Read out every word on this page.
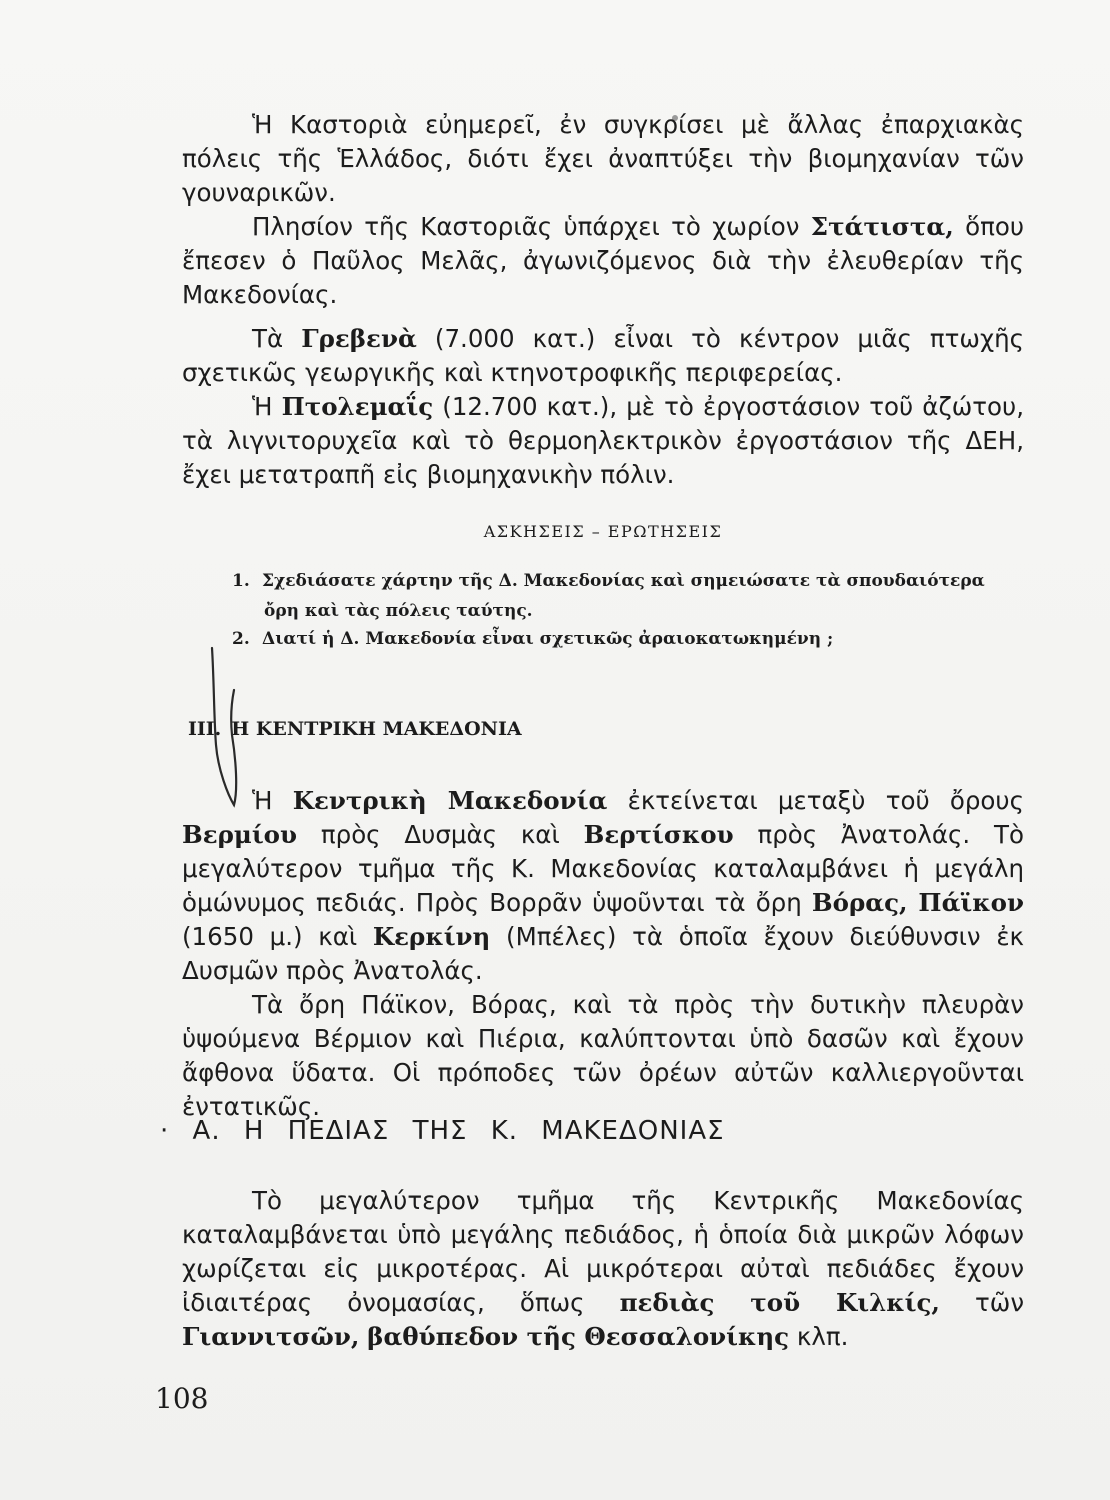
Ἡ Καστοριὰ εὐημερεῖ, ἐν συγκρίσει μὲ ἄλλας ἐπαρχιακὰς πόλεις τῆς Ἑλλάδος, διότι ἔχει ἀναπτύξει τὴν βιομηχανίαν τῶν γουναρικῶν.

Πλησίον τῆς Καστοριᾶς ὑπάρχει τὸ χωρίον Στάτιστα, ὅπου ἔπεσεν ὁ Παῦλος Μελᾶς, ἀγωνιζόμενος διὰ τὴν ἐλευθερίαν τῆς Μακεδονίας.

Τὰ Γρεβενὰ (7.000 κατ.) εἶναι τὸ κέντρον μιᾶς πτωχῆς σχετικῶς γεωργικῆς καὶ κτηνοτροφικῆς περιφερείας.

Ἡ Πτολεμαΐς (12.700 κατ.), μὲ τὸ ἐργοστάσιον τοῦ ἀζώτου, τὰ λιγνιτορυχεῖα καὶ τὸ θερμοηλεκτρικὸν ἐργοστάσιον τῆς ΔΕΗ, ἔχει μετατραπῆ εἰς βιομηχανικὴν πόλιν.

ΑΣΚΗΣΕΙΣ – ΕΡΩΤΗΣΕΙΣ
1. Σχεδιάσατε χάρτην τῆς Δ. Μακεδονίας καὶ σημειώσατε τὰ σπουδαιότερα
ὄρη καὶ τὰς πόλεις ταύτης.
2. Διατί ἡ Δ. Μακεδονία εἶναι σχετικῶς ἀραιοκατωκημένη ;
III. Η ΚΕΝΤΡΙΚΗ ΜΑΚΕΔΟΝΙΑ

Ἡ Κεντρικὴ Μακεδονία ἐκτείνεται μεταξὺ τοῦ ὄρους Βερμίου πρὸς Δυσμὰς καὶ Βερτίσκου πρὸς Ἀνατολάς. Τὸ μεγαλύτερον τμῆμα τῆς Κ. Μακεδονίας καταλαμβάνει ἡ μεγάλη ὁμώνυμος πεδιάς. Πρὸς Βορρᾶν ὑψοῦνται τὰ ὄρη Βόρας, Πάϊκον (1650 μ.) καὶ Κερκίνη (Μπέλες) τὰ ὁποῖα ἔχουν διεύθυνσιν ἐκ Δυσμῶν πρὸς Ἀνατολάς.

Τὰ ὄρη Πάϊκον, Βόρας, καὶ τὰ πρὸς τὴν δυτικὴν πλευρὰν ὑψούμενα Βέρμιον καὶ Πιέρια, καλύπτονται ὑπὸ δασῶν καὶ ἔχουν ἄφθονα ὕδατα. Οἱ πρόποδες τῶν ὀρέων αὐτῶν καλλιεργοῦνται ἐντατικῶς.

· Α. Η ΠΕΔΙΑΣ ΤΗΣ Κ. ΜΑΚΕΔΟΝΙΑΣ

Τὸ μεγαλύτερον τμῆμα τῆς Κεντρικῆς Μακεδονίας καταλαμβάνεται ὑπὸ μεγάλης πεδιάδος, ἡ ὁποία διὰ μικρῶν λόφων χωρίζεται εἰς μικροτέρας. Αἱ μικρότεραι αὐταὶ πεδιάδες ἔχουν ἰδιαιτέρας ὀνομασίας, ὅπως πεδιὰς τοῦ Κιλκίς, τῶν Γιαννιτσῶν, βαθύπεδον τῆς Θεσσαλονίκης κλπ.

108
